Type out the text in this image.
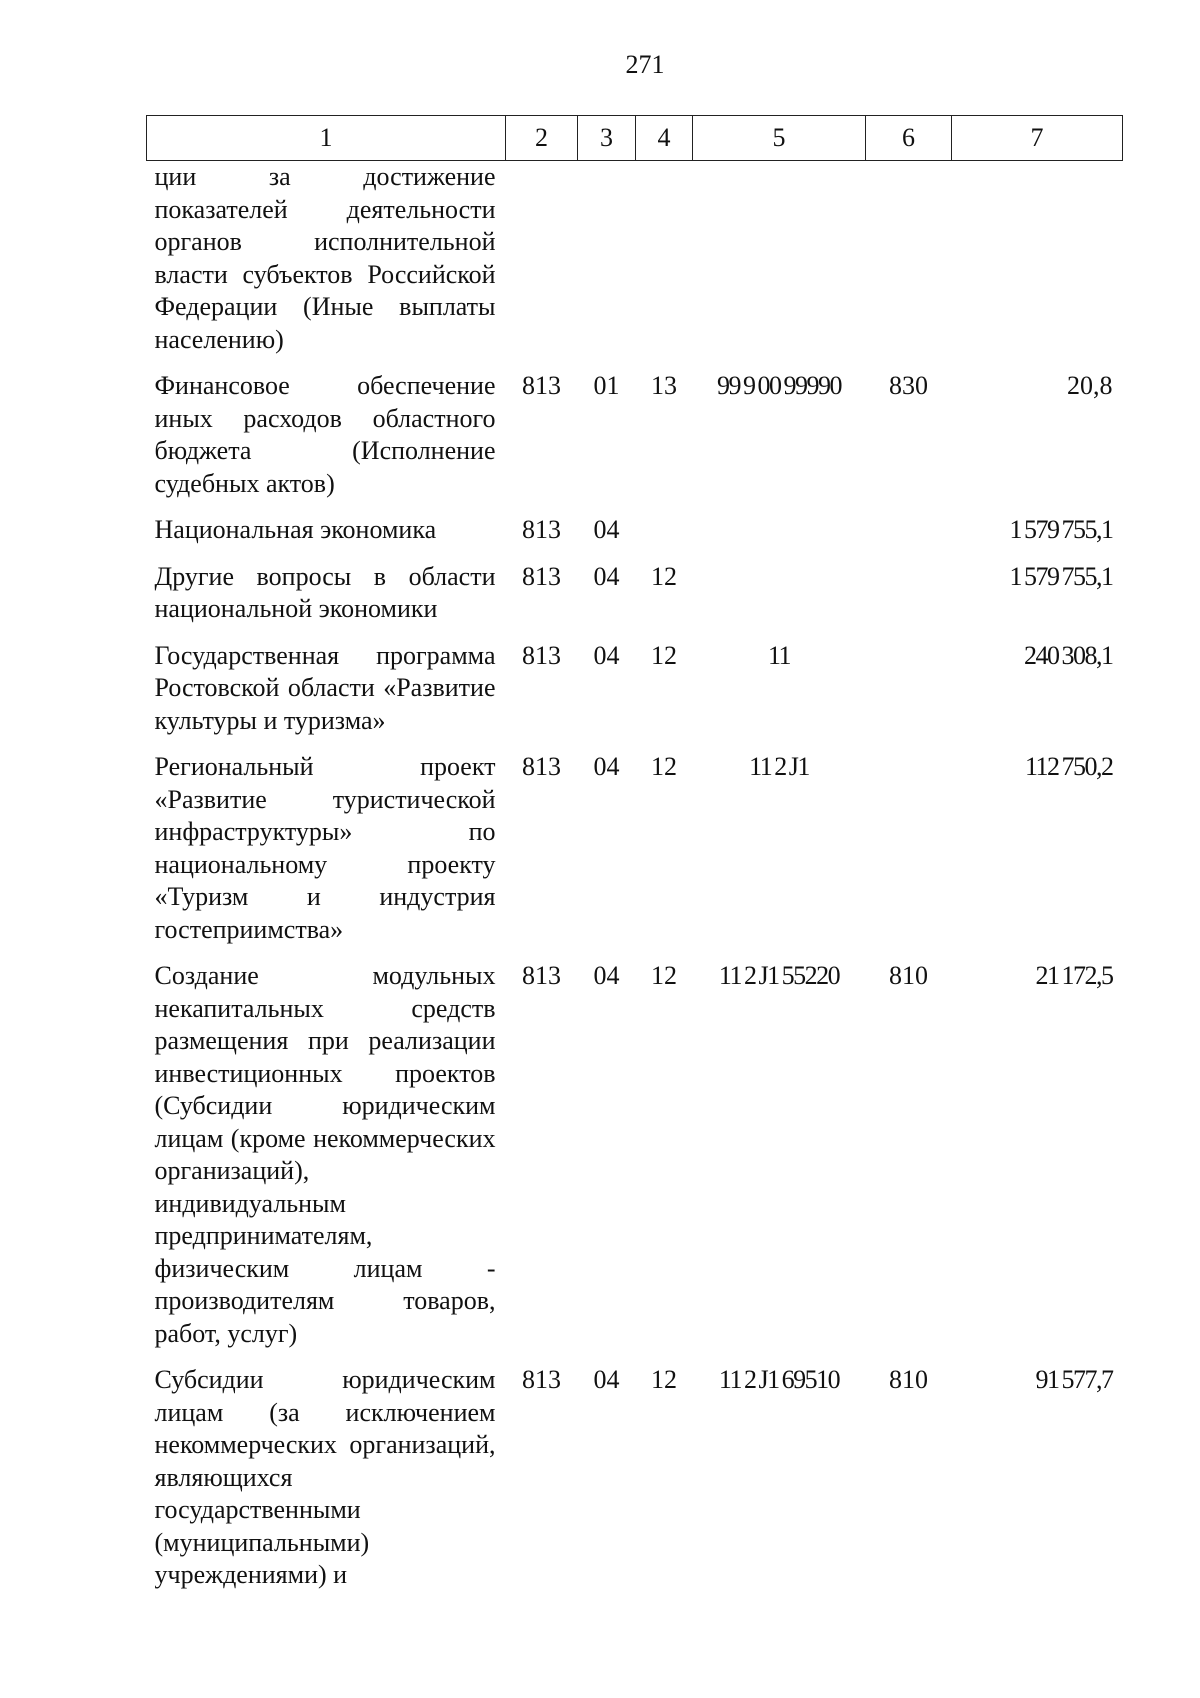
271
1	2	3	4	5	6	7
ции за достижение показателей деятельности органов исполнительной власти субъектов Российской Федерации (Иные выплаты населению)						
Финансовое обеспечение иных расходов областного бюджета (Исполнение судебных актов)	813	01	13	99 9 00 99990	830	20,8
Национальная экономика	813	04				1 579 755,1
Другие вопросы в области национальной экономики	813	04	12			1 579 755,1
Государственная программа Ростовской области «Развитие культуры и туризма»	813	04	12	11		240 308,1
Региональный проект «Развитие туристической инфраструктуры» по национальному проекту «Туризм и индустрия гостеприимства»	813	04	12	11 2 J1		112 750,2
Создание модульных некапитальных средств размещения при реализации инвестиционных проектов (Субсидии юридическим лицам (кроме некоммерческих организаций), индивидуальным предпринимателям, физическим лицам - производителям товаров, работ, услуг)	813	04	12	11 2 J1 55220	810	21 172,5
Субсидии юридическим лицам (за исключением некоммерческих организаций, являющихся государственными (муниципальными) учреждениями) и	813	04	12	11 2 J1 69510	810	91 577,7
